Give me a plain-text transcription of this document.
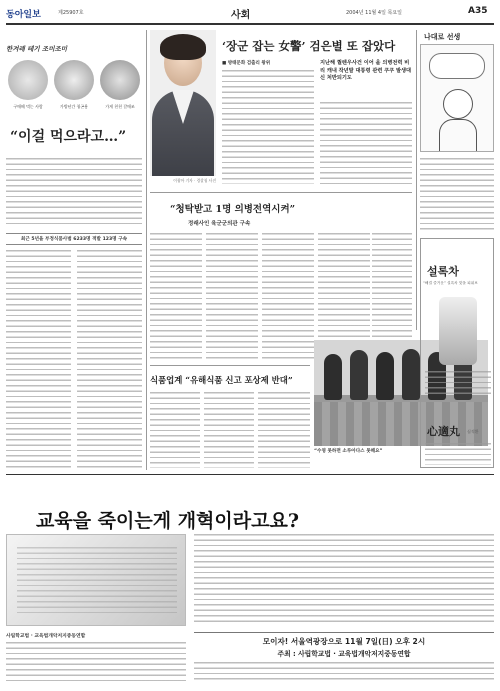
동아일보	제25907호	사회	2004년 11월 4일 목요일	A35
한겨레 테기 조미조미
구매해 먹는 사람	가방년간 청곤용	가게 천천 갈매조
“이걸 먹으라고…”
최근 5년을 부정식품사범 6233명 적발 123명 구속
‘장군 잡는 女警’ 검은별 또 잡았다
이광아 기자 · 경찰청 사진
■ 방태문화 검출리 왕위	지난해 퀄렌우사건 이어 을 의병전력 비리 캐내 작년말 대통령 관련 쿠쿠 발생대신 처반되기도
“청탁받고 1명 의병전역시켜”
정래사인 육군군의관 구속
“수영 못하면 소루아다스 못해요”
식품업계 “유해식품 신고 포상제 반대”
나대로 선생
설록차
“해결 즐거운” 설록차 맛을 피워보
心適丸 심적환
교육을 죽이는게 개혁이라고요?
모이자! 서울역광장으로 11월 7일(日) 오후 2시
주최 : 사립학교법 · 교육법개악저지중동연합
사립학교법 · 교육법개악저지중동연합
